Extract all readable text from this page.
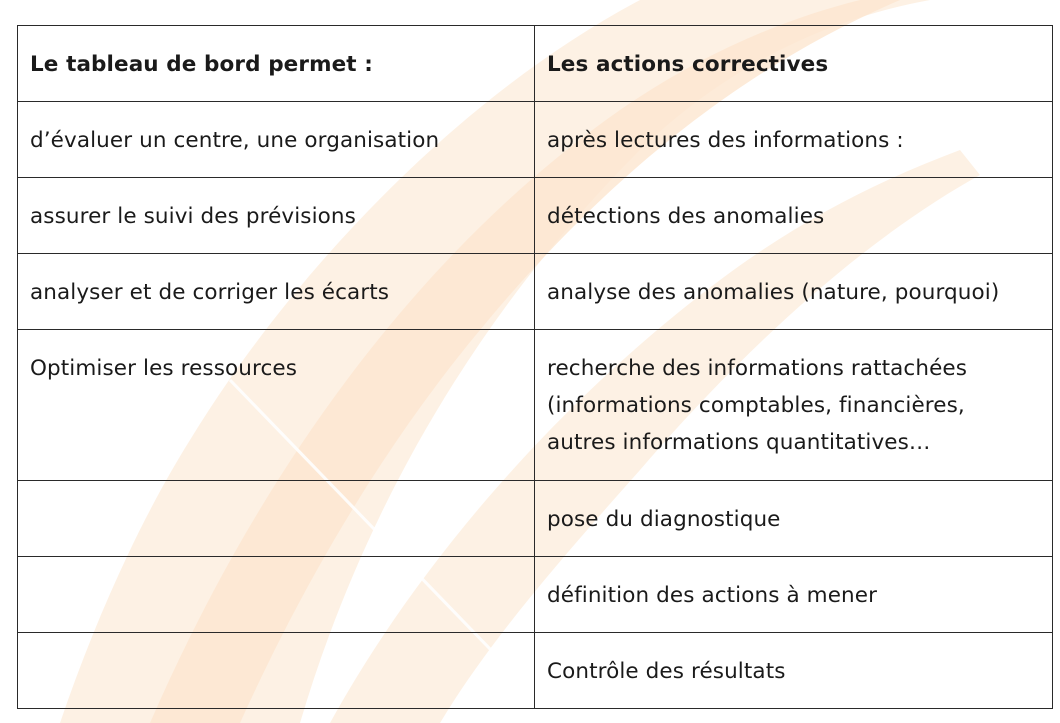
Le tableau de bord permet :	Les actions correctives
d’évaluer un centre, une organisation	après lectures des informations :
assurer le suivi des prévisions	détections des anomalies
analyser et de corriger les écarts	analyse des anomalies (nature, pourquoi)
Optimiser les ressources	recherche des informations rattachées (informations comptables, financières, autres informations quantitatives…
	pose du diagnostique
	définition des actions à mener
	Contrôle des résultats
